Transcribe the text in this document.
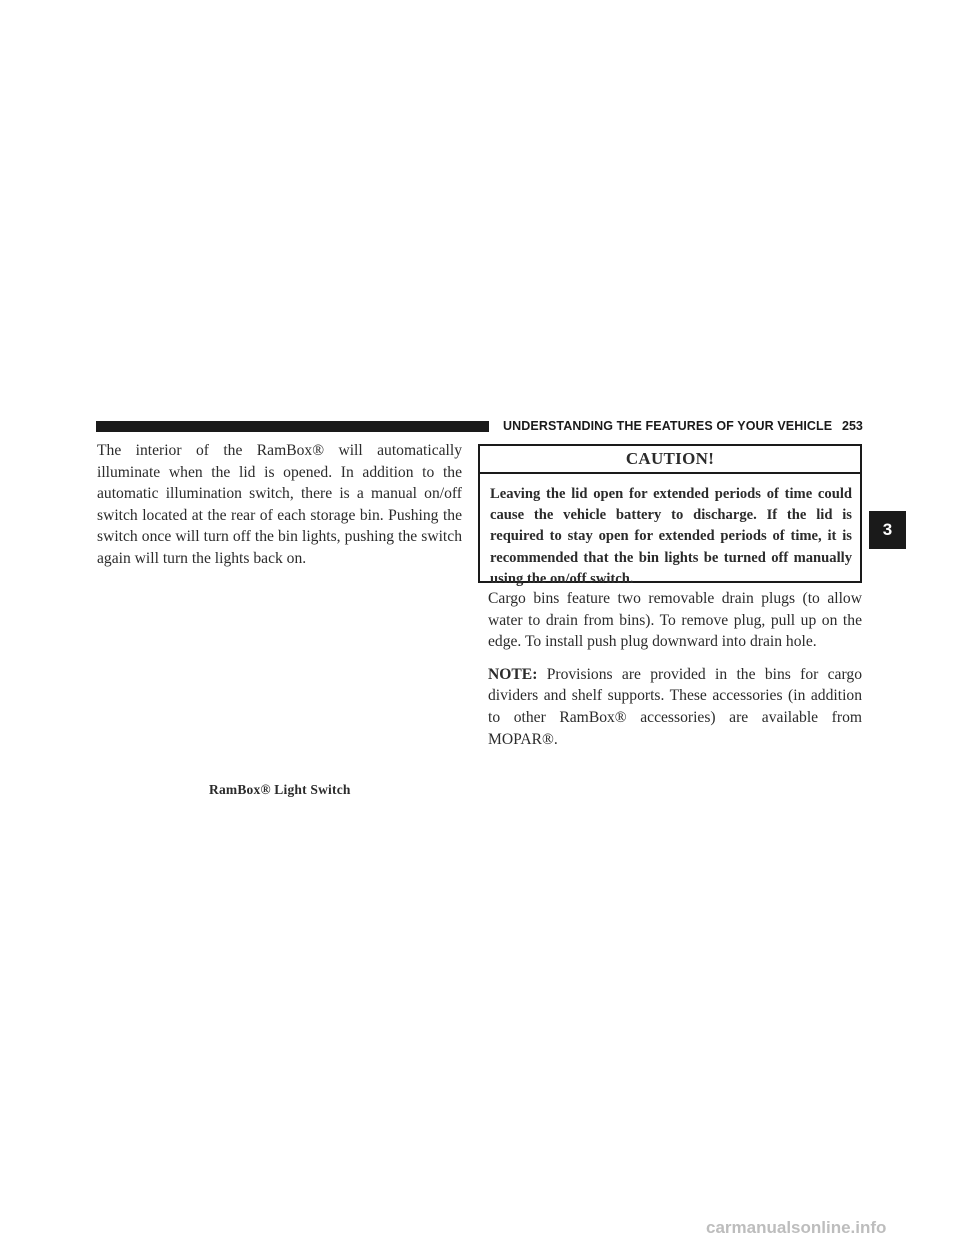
UNDERSTANDING THE FEATURES OF YOUR VEHICLE 253
The interior of the RamBox® will automatically illuminate when the lid is opened. In addition to the automatic illumination switch, there is a manual on/off switch located at the rear of each storage bin. Pushing the switch once will turn off the bin lights, pushing the switch again will turn the lights back on.
CAUTION!
Leaving the lid open for extended periods of time could cause the vehicle battery to discharge. If the lid is required to stay open for extended periods of time, it is recommended that the bin lights be turned off manually using the on/off switch.

Cargo bins feature two removable drain plugs (to allow water to drain from bins). To remove plug, pull up on the edge. To install push plug downward into drain hole.

NOTE: Provisions are provided in the bins for cargo dividers and shelf supports. These accessories (in addition to other RamBox® accessories) are available from MOPAR®.

RamBox® Light Switch
3
carmanualsonline.info
